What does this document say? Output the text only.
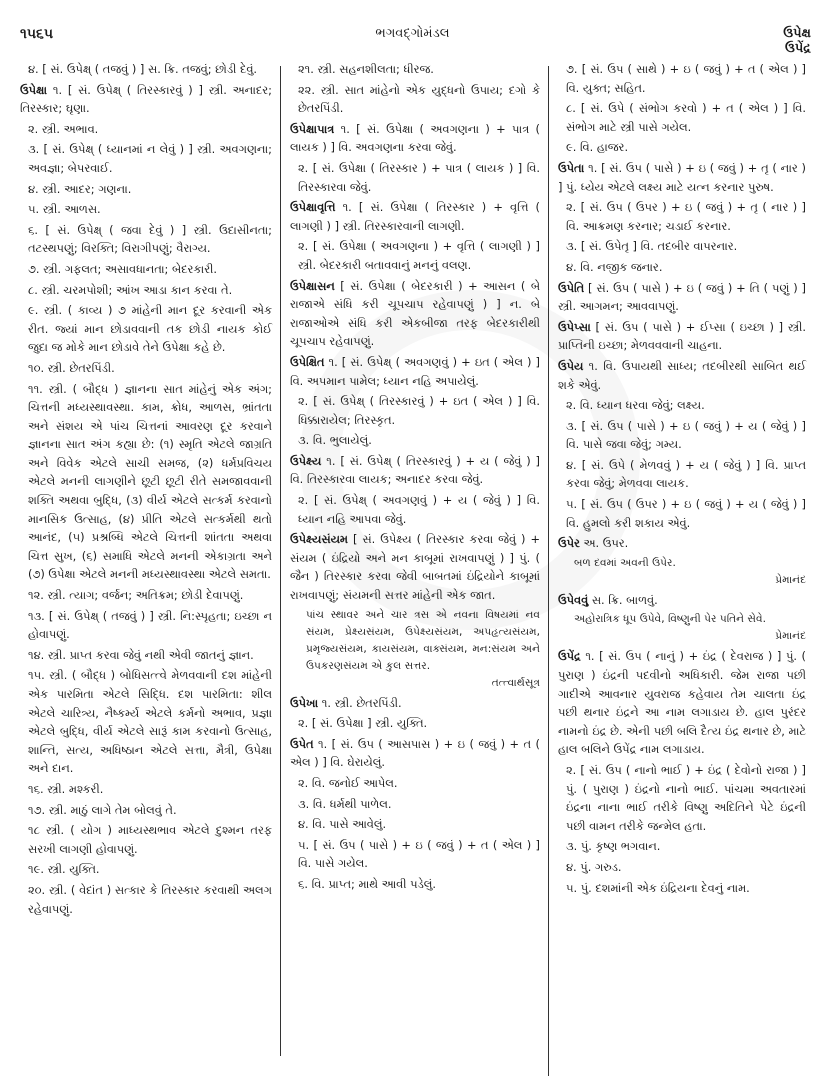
૧૫૬૫	ભગવદ્ગોમંડલ	ઉપેક્ષ
ઉપેંદ્ર

૪. [ સં. ઉપેક્ષ્ ( તજવું ) ] સ. ક્રિ. તજવું; છોડી દેવું.

ઉપેક્ષા ૧. [ સં. ઉપેક્ષ્ ( તિરસ્કારવું ) ] સ્ત્રી. અનાદર; તિરસ્કાર; ઘૃણા.

૨. સ્ત્રી. અભાવ.

૩. [ સં. ઉપેક્ષ્ ( ધ્યાનમાં ન લેવું ) ] સ્ત્રી. અવગણના; અવજ્ઞા; બેપરવાઈ.

૪. સ્ત્રી. આદર; ગણના.

૫. સ્ત્રી. આળસ.

૬. [ સં. ઉપેક્ષ્ ( જવા દેવું ) ] સ્ત્રી. ઉદાસીનતા; તટસ્થપણું; વિરક્તિ; વિરાગીપણું; વૈરાગ્ય.

૭. સ્ત્રી. ગફલત; અસાવધાનતા; બેદરકારી.

૮. સ્ત્રી. ચરમપોશી; આંખ આડા કાન કરવા તે.

૯. સ્ત્રી. ( કાવ્ય ) ૭ માંહેની માન દૂર કરવાની એક રીત. જ્યાં માન છોડાવવાની તક છોડી નાયક કોઈ જુદા જ મોકે માન છોડાવે તેને ઉપેક્ષા કહે છે.

૧૦. સ્ત્રી. છેતરપિંડી.

૧૧. સ્ત્રી. ( બૌદ્ધ ) જ્ઞાનના સાત માંહેનું એક અંગ; ચિત્તની મધ્યસ્થાવસ્થા. કામ, ક્રોધ, આળસ, ભ્રાંતતા અને સંશય એ પાંચ ચિત્તનાં આવરણ દૂર કરવાને જ્ઞાનના સાત અંગ કહ્યા છે: (૧) સ્મૃતિ એટલે જાગ્રતિ અને વિવેક એટલે સાચી સમજ, (૨) ધર્મપ્રવિચય એટલે મનની લાગણીને છૂટી છૂટી રીતે સમજાવવાની શક્તિ અથવા બુદ્ધિ, (૩) વીર્ય એટલે સત્કર્મ કરવાનો માનસિક ઉત્સાહ, (૪) પ્રીતિ એટલે સત્કર્મથી થતો આનંદ, (૫) પ્રશ્રબ્ધિ એટલે ચિત્તની શાંતતા અથવા ચિત્ત સુખ, (૬) સમાધિ એટલે મનની એકાગ્રતા અને (૭) ઉપેક્ષા એટલે મનની મધ્યસ્થાવસ્થા એટલે સમતા.

૧૨. સ્ત્રી. ત્યાગ; વર્જન; અતિક્રમ; છોડી દેવાપણું.

૧૩. [ સં. ઉપેક્ષ્ ( તજવું ) ] સ્ત્રી. નિ:સ્પૃહતા; ઇચ્છા ન હોવાપણું.

૧૪. સ્ત્રી. પ્રાપ્ત કરવા જેવું નથી એવી જાતનું જ્ઞાન.

૧૫. સ્ત્રી. ( બૌદ્ધ ) બોધિસત્ત્વે મેળવવાની દશ માંહેની એક પારમિતા એટલે સિદ્ધિ. દશ પારમિતા: શીલ એટલે ચારિત્ર્ય, નૈષ્કર્મ્ય એટલે કર્મનો અભાવ, પ્રજ્ઞા એટલે બુદ્ધિ, વીર્ય એટલે સારૂં કામ કરવાનો ઉત્સાહ, શાન્તિ, સત્ય, અધિષ્ઠાન એટલે સત્તા, મૈત્રી, ઉપેક્ષા અને દાન.

૧૬. સ્ત્રી. મશ્કરી.

૧૭. સ્ત્રી. માઠું લાગે તેમ બોલવું તે.

૧૮ સ્ત્રી. ( યોગ ) માધ્યસ્થભાવ એટલે દુશ્મન તરફ સરખી લાગણી હોવાપણું.

૧૯. સ્ત્રી. યુક્તિ.

૨૦. સ્ત્રી. ( વેદાંત ) સત્કાર કે તિરસ્કાર કરવાથી અલગ રહેવાપણું.

૨૧. સ્ત્રી. સહનશીલતા; ધીરજ.

૨૨. સ્ત્રી. સાત માંહેનો એક યુદ્ધનો ઉપાય; દગો કે છેતરપિંડી.

ઉપેક્ષાપાત્ર ૧. [ સં. ઉપેક્ષા ( અવગણના ) + પાત્ર ( લાયક ) ] વિ. અવગણના કરવા જેવું.

૨. [ સં. ઉપેક્ષા ( તિરસ્કાર ) + પાત્ર ( લાયક ) ] વિ. તિરસ્કારવા જેવું.

ઉપેક્ષાવૃત્તિ ૧. [ સં. ઉપેક્ષા ( તિરસ્કાર ) + વૃત્તિ ( લાગણી ) ] સ્ત્રી. તિરસ્કારવાની લાગણી.

૨. [ સં. ઉપેક્ષા ( અવગણના ) + વૃત્તિ ( લાગણી ) ] સ્ત્રી. બેદરકારી બતાવવાનું મનનું વલણ.

ઉપેક્ષાસન [ સં. ઉપેક્ષા ( બેદરકારી ) + આસન ( બે રાજાએ સંધિ કરી ચૂપચાપ રહેવાપણું ) ] ન. બે રાજાઓએ સંધિ કરી એકબીજા તરફ બેદરકારીથી ચૂપચાપ રહેવાપણું.

ઉપેક્ષિત ૧. [ સં. ઉપેક્ષ્ ( અવગણવું ) + ઇત ( એલ ) ] વિ. અપમાન પામેલ; ધ્યાન નહિ અપાયેલું.

૨. [ સં. ઉપેક્ષ્ ( તિરસ્કારવું ) + ઇત ( એલ ) ] વિ. ધિક્કારાયેલ; તિરસ્કૃત.

૩. વિ. ભુલાયેલું.

ઉપેક્ષ્ય ૧. [ સં. ઉપેક્ષ્ ( તિરસ્કારવું ) + ય ( જેવું ) ] વિ. તિરસ્કારવા લાયક; અનાદર કરવા જેવું.

૨. [ સં. ઉપેક્ષ્ ( અવગણવું ) + ય ( જેવું ) ] વિ. ધ્યાન નહિ આપવા જેવું.

ઉપેક્ષ્યસંયમ [ સં. ઉપેક્ષ્ય ( તિરસ્કાર કરવા જેવું ) + સંયમ ( ઇંદ્રિયો અને મન કાબૂમાં રાખવાપણું ) ] પું. ( જૈન ) તિરસ્કાર કરવા જેવી બાબતમાં ઇંદ્રિયોને કાબૂમાં રાખવાપણું; સંયમની સત્તર માંહેની એક જાત.

પાંચ સ્થાવર અને ચાર ત્રસ એ નવના વિષયમાં નવ સંયમ, પ્રેક્ષ્યસંયમ, ઉપેક્ષ્યસંયમ, અપહૃત્યસંયમ, પ્રમૃજ્યસંયમ, કાયસંયમ, વાક્સંયમ, મન:સંયમ અને ઉપકરણસંયમ એ કુલ સત્તર.
તત્ત્વાર્થસૂત્ર

ઉપેખા ૧. સ્ત્રી. છેતરપિંડી.

૨. [ સં. ઉપેક્ષા ] સ્ત્રી. યુક્તિ.

ઉપેત ૧. [ સં. ઉપ ( આસપાસ ) + ઇ ( જવું ) + ત ( એલ ) ] વિ. ઘેરાયેલું.

૨. વિ. જનોઈ આપેલ.

૩. વિ. ધર્મથી પાળેલ.

૪. વિ. પાસે આવેલું.

૫. [ સં. ઉપ ( પાસે ) + ઇ ( જવું ) + ત ( એલ ) ] વિ. પાસે ગયેલ.

૬. વિ. પ્રાપ્ત; માથે આવી પડેલું.

૭. [ સં. ઉપ ( સાથે ) + ઇ ( જવું ) + ત ( એલ ) ] વિ. યુક્ત; સહિત.

૮. [ સં. ઉપે ( સંભોગ કરવો ) + ત ( એલ ) ] વિ. સંભોગ માટે સ્ત્રી પાસે ગયેલ.

૯. વિ. હાજર.

ઉપેતા ૧. [ સં. ઉપ ( પાસે ) + ઇ ( જવું ) + તૃ ( નાર ) ] પું. ધ્યેય એટલે લક્ષ્ય માટે યત્ન કરનાર પુરુષ.

૨. [ સં. ઉપ ( ઉપર ) + ઇ ( જવું ) + તૃ ( નાર ) ] વિ. આક્રમણ કરનાર; ચડાઈ કરનાર.

૩. [ સં. ઉપેતૃ ] વિ. તદબીર વાપરનાર.

૪. વિ. નજીક જનાર.

ઉપેતિ [ સં. ઉપ ( પાસે ) + ઇ ( જવું ) + તિ ( પણું ) ] સ્ત્રી. આગમન; આવવાપણું.

ઉપેપ્સા [ સં. ઉપ ( પાસે ) + ઈપ્સા ( ઇચ્છા ) ] સ્ત્રી. પ્રાપ્તિની ઇચ્છા; મેળવવવાની ચાહના.

ઉપેય ૧. વિ. ઉપાયથી સાધ્ય; તદબીરથી સાબિત થઈ શકે એવું.

૨. વિ. ધ્યાન ધરવા જેવું; લક્ષ્ય.

૩. [ સં. ઉપ ( પાસે ) + ઇ ( જવું ) + ય ( જેવું ) ] વિ. પાસે જવા જેવું; ગમ્ય.

૪. [ સં. ઉપે ( મેળવવું ) + ય ( જેવું ) ] વિ. પ્રાપ્ત કરવા જેવું; મેળવવા લાયક.

૫. [ સં. ઉપ ( ઉપર ) + ઇ ( જવું ) + ય ( જેવું ) ] વિ. હુમલો કરી શકાય એવું.

ઉપેર અ. ઉપર.

બળ દવમાં અવની ઉપેર.
પ્રેમાનંદ

ઉપેવવું સ. ક્રિ. બાળવું.

અહોરાત્રિક ધૂપ ઉપેવે, વિષ્ણુની પેર પતિને સેવે.
પ્રેમાનંદ

ઉપેંદ્ર ૧. [ સં. ઉપ ( નાનું ) + ઇંદ્ર ( દેવરાજ ) ] પું. ( પુરાણ ) ઇંદ્રની પદવીનો અધિકારી. જેમ રાજા પછી ગાદીએ આવનાર યુવરાજ કહેવાય તેમ ચાલતા ઇંદ્ર પછી થનાર ઇંદ્રને આ નામ લગાડાય છે. હાલ પુરંદર નામનો ઇંદ્ર છે. એની પછી બલિ દૈત્ય ઇંદ્ર થનાર છે, માટે હાલ બલિને ઉપેંદ્ર નામ લગાડાય.

૨. [ સં. ઉપ ( નાનો ભાઈ ) + ઇંદ્ર ( દેવોનો રાજા ) ] પું. ( પુરાણ ) ઇંદ્રનો નાનો ભાઈ. પાંચમા અવતારમાં ઇંદ્રના નાના ભાઈ તરીકે વિષ્ણુ અદિતિને પેટે ઇંદ્રની પછી વામન તરીકે જન્મેલ હતા.

૩. પું. કૃષ્ણ ભગવાન.

૪. પું. ગરુડ.

૫. પું. દશમાંની એક ઇંદ્રિયના દેવનું નામ.
